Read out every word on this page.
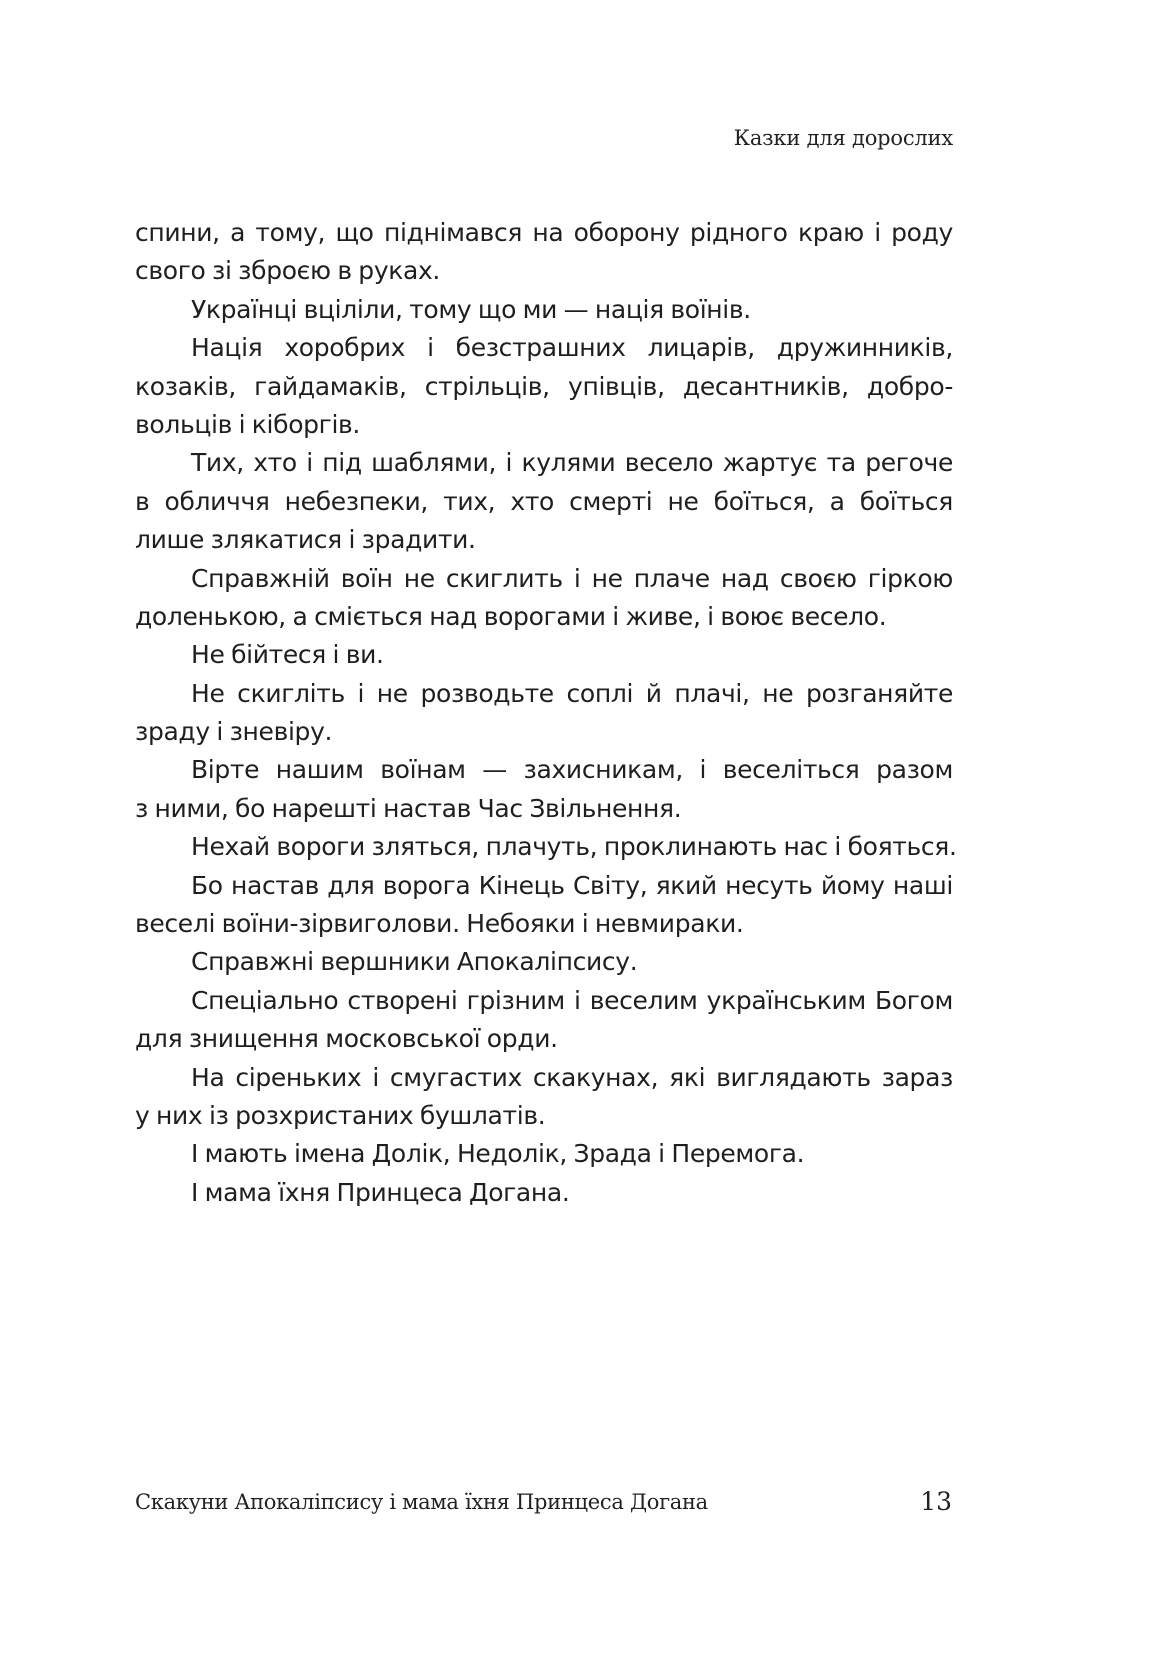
Казки для дорослих
спини, а тому, що піднімався на оборону рідного краю і роду
свого зі зброєю в руках.
Українці вціліли, тому що ми — нація воїнів.
Нація хоробрих і безстрашних лицарів, дружинників,
козаків, гайдамаків, стрільців, упівців, десантників, добро-
вольців і кіборгів.
Тих, хто і під шаблями, і кулями весело жартує та регоче
в обличчя небезпеки, тих, хто смерті не боїться, а боїться
лише злякатися і зрадити.
Справжній воїн не скиглить і не плаче над своєю гіркою
доленькою, а сміється над ворогами і живе, і воює весело.
Не бійтеся і ви.
Не скигліть і не розводьте соплі й плачі, не розганяйте
зраду і зневіру.
Вірте нашим воїнам — захисникам, і веселіться разом
з ними, бо нарешті настав Час Звільнення.
Нехай вороги зляться, плачуть, проклинають нас і бояться.
Бо настав для ворога Кінець Світу, який несуть йому наші
веселі воїни-зірвиголови. Небояки і невмираки.
Справжні вершники Апокаліпсису.
Спеціально створені грізним і веселим українським Богом
для знищення московської орди.
На сіреньких і смугастих скакунах, які виглядають зараз
у них із розхристаних бушлатів.
І мають імена Долік, Недолік, Зрада і Перемога.
І мама їхня Принцеса Догана.
Скакуни Апокаліпсису і мама їхня Принцеса Догана	13
